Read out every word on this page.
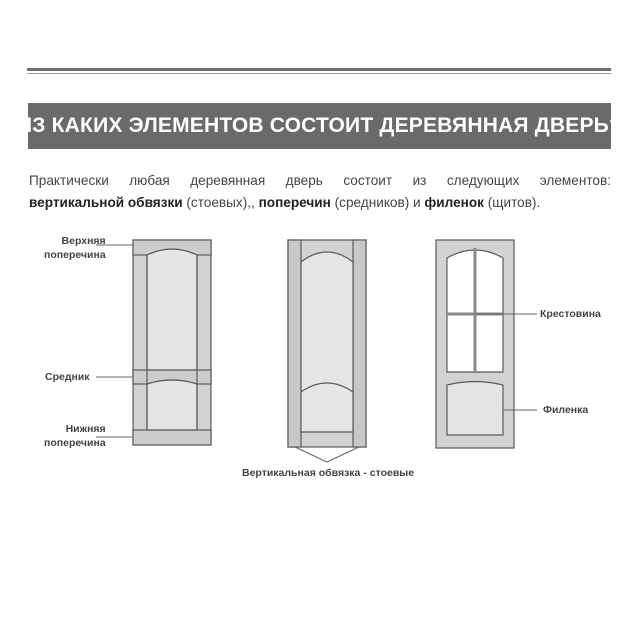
ИЗ КАКИХ ЭЛЕМЕНТОВ СОСТОИТ ДЕРЕВЯННАЯ ДВЕРЬ?
Практически любая деревянная дверь состоит из следующих элементов:
вертикальной обвязки (стоевых),, поперечин (средников) и филенок (щитов).
Верхняя
поперечина
Средник
Нижняя
поперечина
Вертикальная обвязка - стоевые
Крестовина
Филенка
